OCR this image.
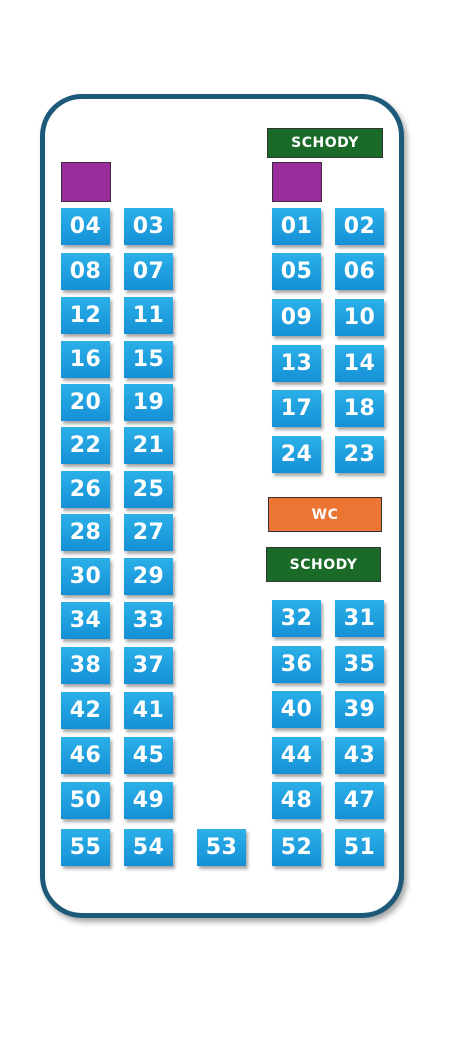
SCHODY
04	03
08	07
12	11
16	15
20	19
22	21
26	25
28	27
30	29
34	33
38	37
42	41
46	45
50	49
55	54	53
01	02
05	06
09	10
13	14
17	18
24	23
WC
SCHODY
32	31
36	35
40	39
44	43
48	47
52	51
